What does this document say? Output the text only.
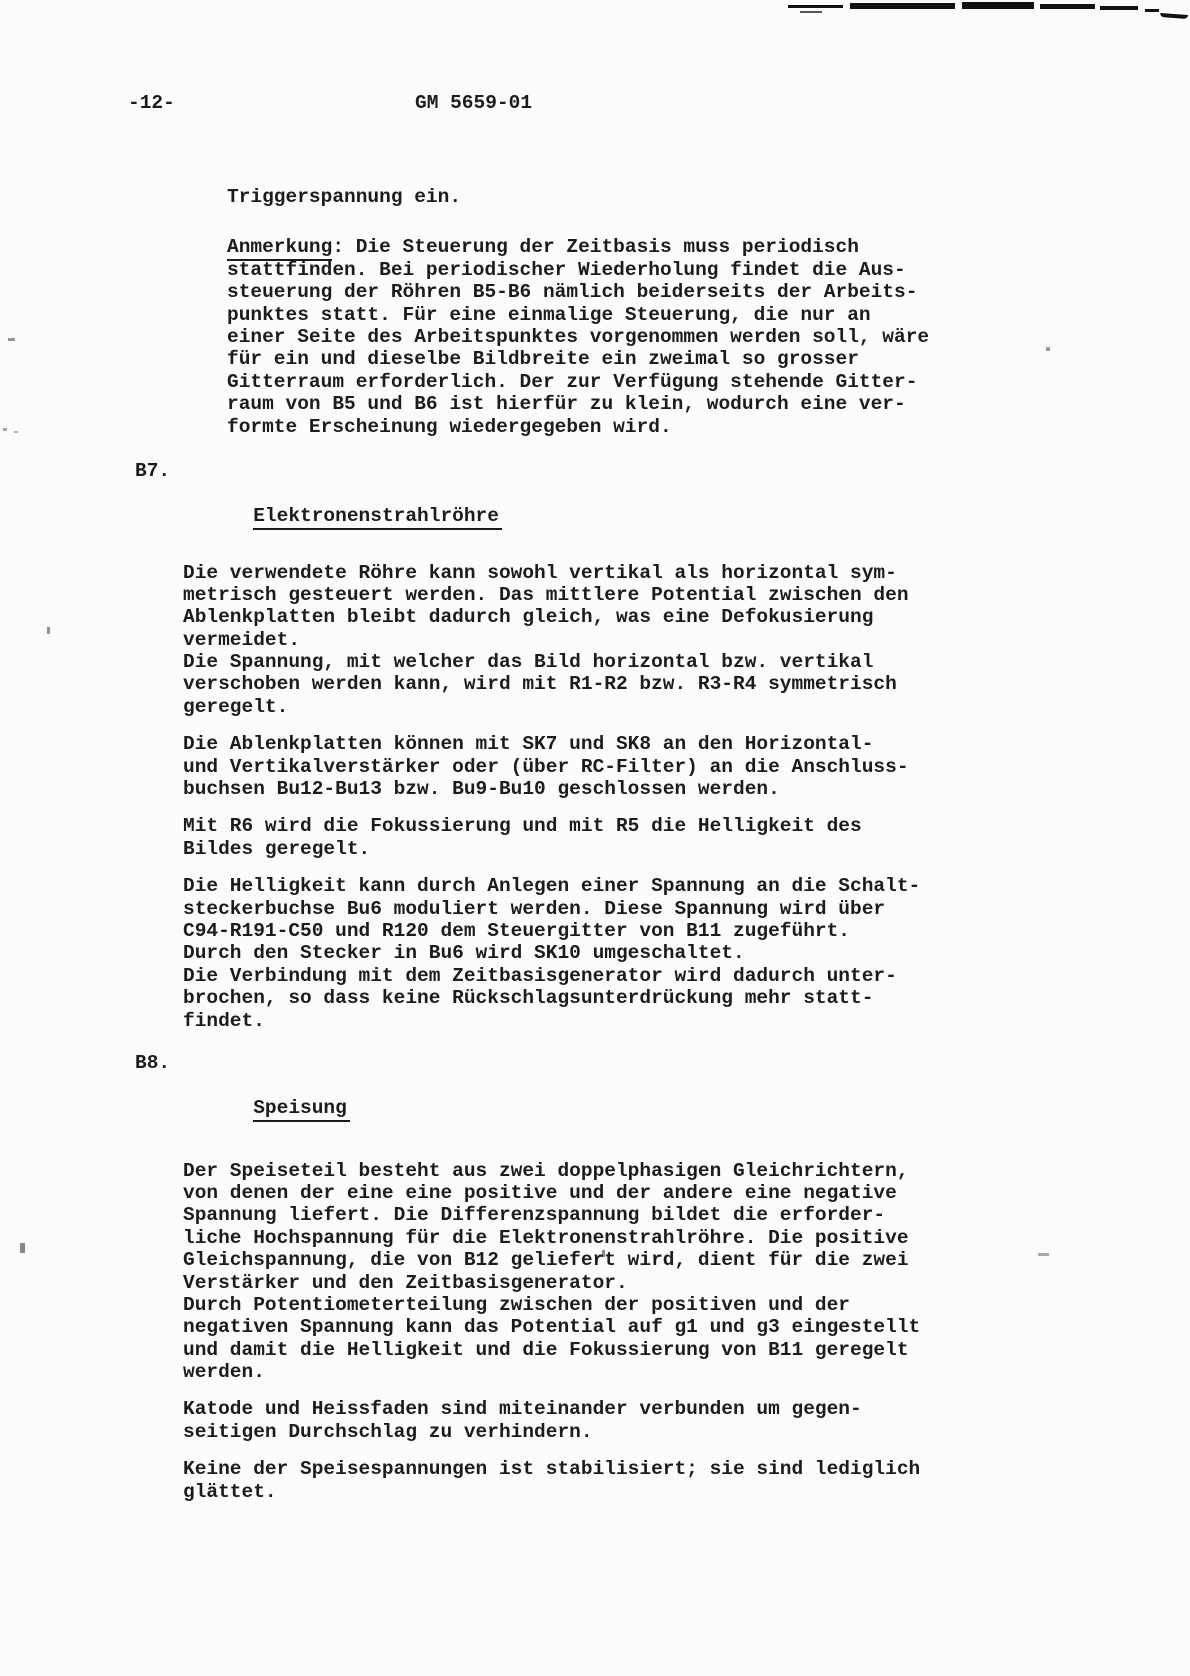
-12-	GM 5659-01
Triggerspannung ein.
Anmerkung: Die Steuerung der Zeitbasis muss periodisch
stattfinden. Bei periodischer Wiederholung findet die Aus-
steuerung der Röhren B5-B6 nämlich beiderseits der Arbeits-
punktes statt. Für eine einmalige Steuerung, die nur an
einer Seite des Arbeitspunktes vorgenommen werden soll, wäre
für ein und dieselbe Bildbreite ein zweimal so grosser
Gitterraum erforderlich. Der zur Verfügung stehende Gitter-
raum von B5 und B6 ist hierfür zu klein, wodurch eine ver-
formte Erscheinung wiedergegeben wird.

B7.

Elektronenstrahlröhre

Die verwendete Röhre kann sowohl vertikal als horizontal sym-
metrisch gesteuert werden. Das mittlere Potential zwischen den
Ablenkplatten bleibt dadurch gleich, was eine Defokusierung
vermeidet.
Die Spannung, mit welcher das Bild horizontal bzw. vertikal
verschoben werden kann, wird mit R1-R2 bzw. R3-R4 symmetrisch
geregelt.
Die Ablenkplatten können mit SK7 und SK8 an den Horizontal-
und Vertikalverstärker oder (über RC-Filter) an die Anschluss-
buchsen Bu12-Bu13 bzw. Bu9-Bu10 geschlossen werden.
Mit R6 wird die Fokussierung und mit R5 die Helligkeit des
Bildes geregelt.
Die Helligkeit kann durch Anlegen einer Spannung an die Schalt-
steckerbuchse Bu6 moduliert werden. Diese Spannung wird über
C94-R191-C50 und R120 dem Steuergitter von B11 zugeführt.
Durch den Stecker in Bu6 wird SK10 umgeschaltet.
Die Verbindung mit dem Zeitbasisgenerator wird dadurch unter-
brochen, so dass keine Rückschlagsunterdrückung mehr statt-
findet.

B8.

Speisung

Der Speiseteil besteht aus zwei doppelphasigen Gleichrichtern,
von denen der eine eine positive und der andere eine negative
Spannung liefert. Die Differenzspannung bildet die erforder-
liche Hochspannung für die Elektronenstrahlröhre. Die positive
Gleichspannung, die von B12 geliefert wird, dient für die zwei
Verstärker und den Zeitbasisgenerator.
Durch Potentiometerteilung zwischen der positiven und der
negativen Spannung kann das Potential auf g1 und g3 eingestellt
und damit die Helligkeit und die Fokussierung von B11 geregelt
werden.
Katode und Heissfaden sind miteinander verbunden um gegen-
seitigen Durchschlag zu verhindern.
Keine der Speisespannungen ist stabilisiert; sie sind lediglich
glättet.
